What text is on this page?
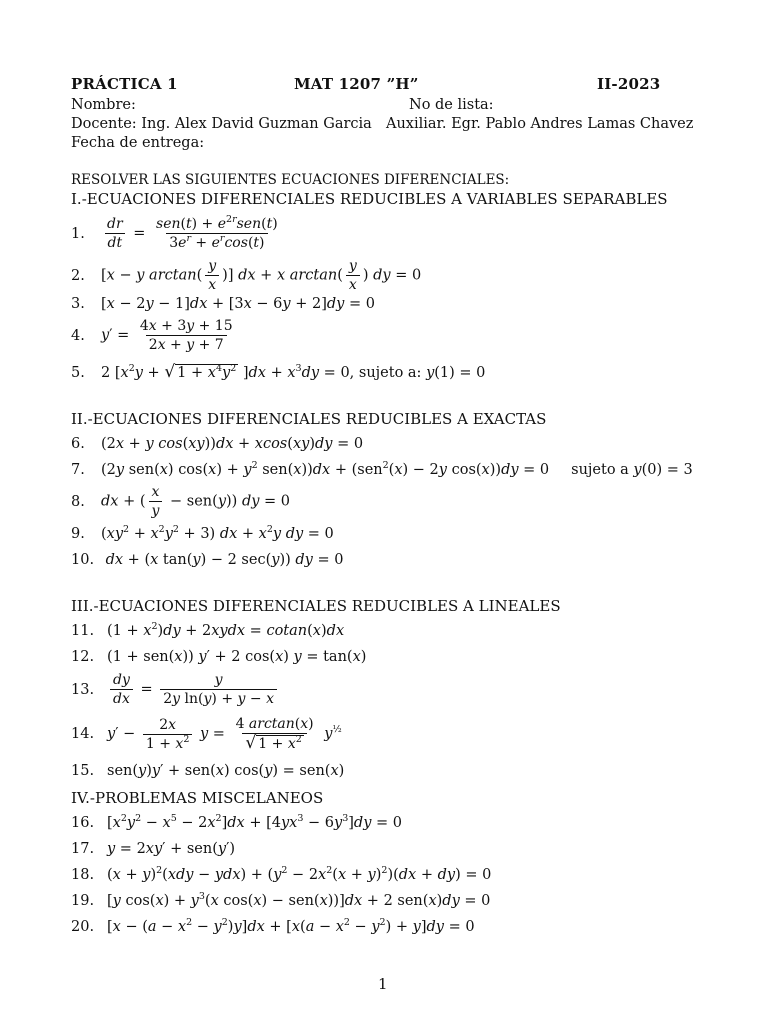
PRÁCTICA 1	MAT 1207 ”H”	II-2023
Nombre:	No de lista:
Docente: Ing. Alex David Guzman Garcia Auxiliar. Egr. Pablo Andres Lamas Chavez
Fecha de entrega:
RESOLVER LAS SIGUIENTES ECUACIONES DIFERENCIALES:
I.-ECUACIONES DIFERENCIALES REDUCIBLES A VARIABLES SEPARABLES
1.	$\frac{dr}{dt} = \frac{sen(t) + e^{2r}sen(t)}{3e^r + e^r\cos(t)}$
2.	[x − y $\arctan( \frac{y}{x}$ )] dx + x $\arctan( \frac{y}{x}$ ) dy = 0
3.	[x − 2y − 1]dx + [3x − 6y + 2]dy = 0
4.	$y' = \frac{4x + 3y + 15}{2x + y + 7}$
5.	2 [$x^2y$ + √ $1 + x^4y^2$ ]$dx + x^3dy = 0$ , sujeto a: y(1) = 0
II.-ECUACIONES DIFERENCIALES REDUCIBLES A EXACTAS
6.	(2x + y cos(xy))dx + xcos(xy)dy = 0
7.	(2y sen(x) $\cos(x) + y^2$ sen(x))dx + (sen$^2$(x) − 2y cos(x))dy = 0 sujeto a y(0) = 3
8.	dx + ( $\frac{x}{y} - sen(y)$) dy = 0
9.	$(xy^2 + x^2y^2 + 3)$ dx + $x^2y$ dy = 0
10. dx + (x tan(y) − 2 sec(y)) dy = 0
III.-ECUACIONES DIFERENCIALES REDUCIBLES A LINEALES
11. $(1 + x^2)dy$ + 2xydx = cotan(x)dx
12. (1 + sen(x)) y′ + 2 cos(x) y = tan(x)
13.	$\frac{dy}{dx} = \frac{y}{\text{2y ln(y) + y − x}}$
14. $y' - \frac{2x}{1 + x^2}$ $y = \frac{4 \arctan(x)}{√ 1 + x^2} y^{\frac{1}{2}}$
15. sen(y)y′ + sen(x) cos(y) = sen(x)
IV.-PROBLEMAS MISCELANEOS
16. $[x^2y^2 - x^5 - 2x^2]dx + [4yx^3 - 6y^3]dy = 0$
17. y = 2xy′ + sen(y′)
18. $(x + y)^2(xdy - ydx) + (y^2 - 2x^2(x + y)^2)(dx + dy) = 0$
19. [y $\cos(x) + y^3(x$ cos(x) − sen(x))]dx + 2 sen(x)dy = 0
20. $[x - (a - x^2 - y^2)y]dx + [x(a - x^2 - y^2) + y]dy = 0$
1
